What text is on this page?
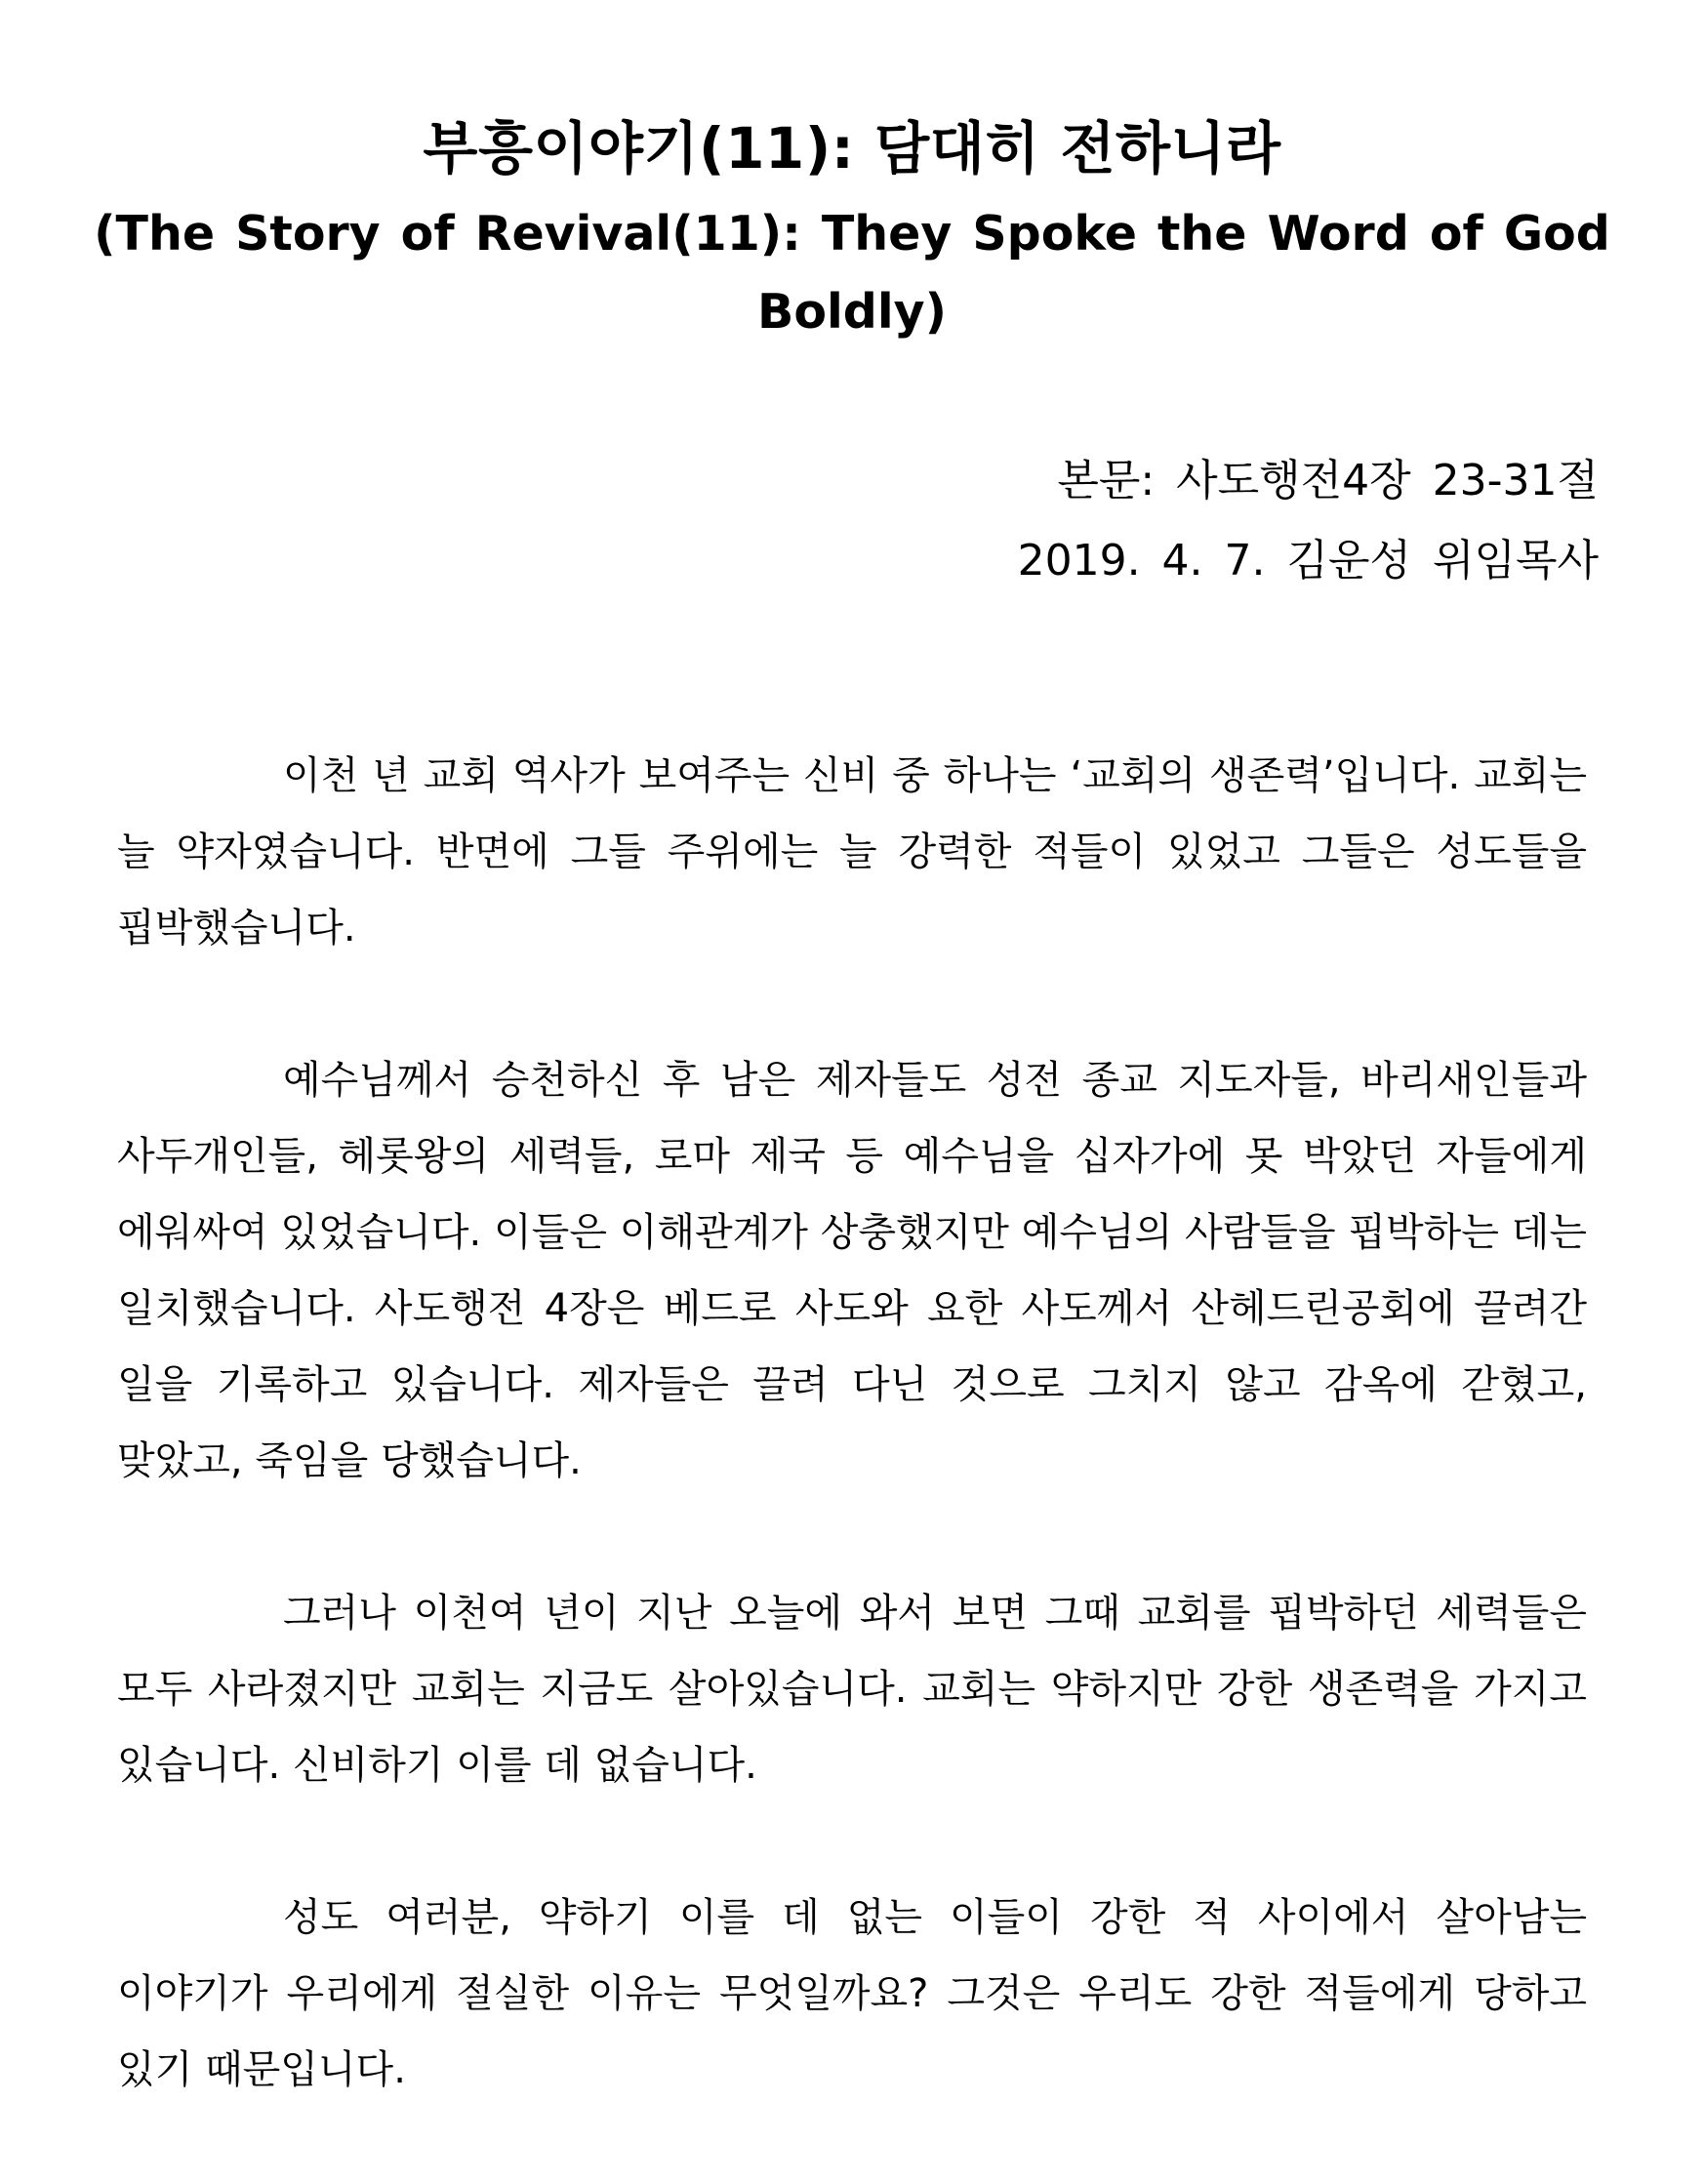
부흥이야기(11): 담대히 전하니라
(The Story of Revival(11): They Spoke the Word of God Boldly)
본문: 사도행전4장 23-31절
2019. 4. 7. 김운성 위임목사

이천 년 교회 역사가 보여주는 신비 중 하나는 ‘교회의 생존력’입니다. 교회는 늘 약자였습니다. 반면에 그들 주위에는 늘 강력한 적들이 있었고 그들은 성도들을 핍박했습니다.

예수님께서 승천하신 후 남은 제자들도 성전 종교 지도자들, 바리새인들과 사두개인들, 헤롯왕의 세력들, 로마 제국 등 예수님을 십자가에 못 박았던 자들에게 에워싸여 있었습니다. 이들은 이해관계가 상충했지만 예수님의 사람들을 핍박하는 데는 일치했습니다. 사도행전 4장은 베드로 사도와 요한 사도께서 산헤드린공회에 끌려간 일을 기록하고 있습니다. 제자들은 끌려 다닌 것으로 그치지 않고 감옥에 갇혔고, 맞았고, 죽임을 당했습니다.

그러나 이천여 년이 지난 오늘에 와서 보면 그때 교회를 핍박하던 세력들은 모두 사라졌지만 교회는 지금도 살아있습니다. 교회는 약하지만 강한 생존력을 가지고 있습니다. 신비하기 이를 데 없습니다.

성도 여러분, 약하기 이를 데 없는 이들이 강한 적 사이에서 살아남는 이야기가 우리에게 절실한 이유는 무엇일까요? 그것은 우리도 강한 적들에게 당하고 있기 때문입니다.
